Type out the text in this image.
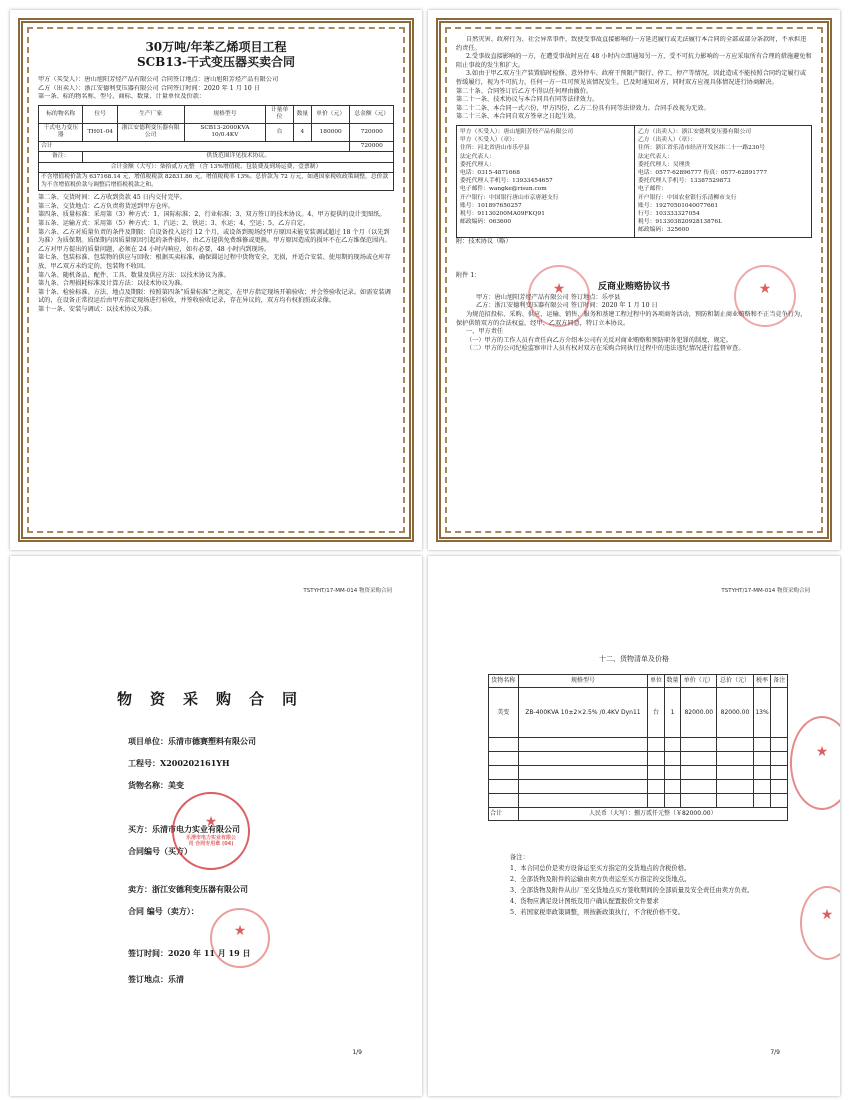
30万吨/年苯乙烯项目工程
SCB13-干式变压器买卖合同
甲方（买受人）：唐山旭阳芳烃产品有限公司 合同签订地点：唐山旭阳芳烃产品有限公司
乙方（出卖人）：浙江安德利变压器有限公司 合同签订时间：2020 年 1 月 10 日
第一条、标的物名称、型号、商标、数量、计量单位及价款：
标的物名称	位号	生产厂家	规格型号	计量单位	数量	单价（元）	总金额（元）
干式电力变压器	TH01-04	浙江安德利变压器有限公司	SCB13-2000KVA 10/0.4KV	台	4	180000	720000
合计							720000
备注：	供货范围详见技术协议。						
合计金额（大写）：柒拾贰万元整 （含 13%增值税、包装费及到场运费，壹票制）							
不含增值税价款为 637168.14 元，增值税税款 82831.86 元，增值税税率 13%。总价款为 72 万元，如遇国家税收政策调整，总价款为不含增值税价款与调整后增值税税款之和。							
第二条、交货时间：乙方收到货款 45 日内交付完毕。
第三条、交货地点：乙方负责将货送到甲方仓库。
第四条、质量标准：采用第（3）种方式：1、国际标准；2、行业标准；3、双方签订的技术协议。4、甲方提供的设计变图纸。
第五条、运输方式：采用第（5）种方式：1、汽运；2、铁运；3、水运；4、空运；5、乙方自定。
第六条、乙方对质量负责的条件及期限：自设备投入运行 12 个月，或设备到现场经甲方原因未能安装调试超过 18 个月（以先到为准）为质保期。质保期内因质量原因引起的条件损坏，由乙方提供免费维修或更换。甲方原因造成的损坏不在乙方维保范围内。乙方对甲方提出的质量问题，必须在 24 小时内响应，如有必要，48 小时内到现场。
第七条、包装标准、包装物的供应与回收：根据买卖标准，确保圆运过程中货物安全，无损，并适合安装、使用期的现场或仓库存放，甲乙双方未约定的，包装物不收回。
第八条、随机备品、配件、工具、数量及供应方法：以技术协议为准。
第九条、合理损耗标准及计算方法：以技术协议为准。
第十条、检验标准、方法、地点及期限：按照第四条“质量标准”之规定，在甲方指定现场开箱验收；并会签验收记录。如需安装调试的，在设备正常投运后由甲方指定现场进行验收，并签收验收记录，存在异议的，双方均有权拍照或录像。
第十一条、安装与调试：以技术协议为准。

自然灾害、政府行为、社会异常事件，致使受事故直接影响的一方延迟履行或无法履行本合同的全部或部分条款时，不承担违约责任。

2.受事故直接影响的一方，在遭受事故时应在 48 小时内立即通知另一方，受不可抗力影响的一方应采取所有合理的措施避免和阻止事故的发生和扩大。

3.如由于甲乙双方生产装置临时检修、意外停车、政府干预限产限行、停工、停产等情况，因此造成不能按照合同约定履行或暂缓履行，视为不可抗力，任何一方一旦可预见该情况发生，已及时通知对方，同时双方应视具体情况进行协商解决。

第二十条、合同签订后乙方不得以任何理由撤价。
第二十一条、技术协议与本合同具有同等法律效力。
第二十二条、本合同一式六份，甲方四份，乙方二份具有同等法律效力。合同手改视为无效。
第二十三条、本合同自双方签章之日起生效。
甲方（买受人）：唐山旭阳芳烃产品有限公司
甲方（买受人）（章）：
住所：河北省唐山市乐亭县
法定代表人：
委托代理人：
电话：0315-4871668
委托代理人手机号：13933454657
电子邮件：wangke@risun.com
开户银行：中国银行唐山市京唐港支行
账号：101897650257
税号：91130200MA09FKQ91
邮政编码：063600
乙方（出卖人）：浙江安德利变压器有限公司
乙方（出卖人）（章）：
住所：浙江省乐清市经济开发区纬二十一路230号
法定代表人：
委托代理人：吴理贵
电话：0577-62896777 传真：0577-62891777
委托代理人手机号：13387529873
电子邮件：
开户银行：中国农业银行乐清柳市支行
账号：19270501040077661
行号：103333327054
税号：91330382092813876L
邮政编码：325600
附：技术协议（略）
附件 1：
反商业贿赂协议书
甲方：唐山旭阳芳烃产品有限公司 签订地点：乐亭县
乙方：浙江安德利变压器有限公司 签订时间：2020 年 1 月 10 日

为规范招投标、采购、供应、运输、销售、服务和基建工程过程中的各项商务活动，预防和制止商业贿赂和不正当竞争行为，保护供销双方的合法权益，经甲、乙双方同意，特订立本协议。

一、甲方责任

（一）甲方的工作人员有责任向乙方介绍本公司有关反对商业贿赂和预防职务犯罪的制度、规定。

（二）甲方的公司纪检监察审计人员有权对双方在采购合同执行过程中的违法违纪情况进行监督审查。

★
★
TSTYHT/17-MM-014 物资采购合同
物资采购合同
项目单位：乐清市德赛塑料有限公司
工程号：X200202161YH
货物名称：美变
买方：乐清市电力实业有限公司
合同编号（买方）
卖方：浙江安德利变压器有限公司
合同 编号（卖方）：
签订时间：2020 年 11 月 19 日
签订地点：乐清
★ 乐清市电力实业有限公司 合同专用章 (04)
★
1/9
TSTYHT/17-MM-014 物资采购合同
十二、货物清单及价格
货物名称	规格型号	单位	数量	单价（元）	总价（元）	税率	备注
美变	ZB-400KVA 10±2×2.5% /0.4KV Dyn11	台	1	82000.00	82000.00	13%	

合计	人民币（大写）：捌万贰仟元整（￥82000.00）						
备注：
1、本合同总价是卖方设备运至买方指定的交货地点的含税价格。
2、全部货物及附件的运输由卖方负责运至买方指定的交货地点。
3、全部货物及附件从出厂至交货地点买方签收期间的全部质量及安全责任由卖方负责。
4、货物应满足设计图纸及用户确认配置报价文件要求
5、若国家税率政策调整，则按新政策执行，不含税价格不变。
★
★
7/9
